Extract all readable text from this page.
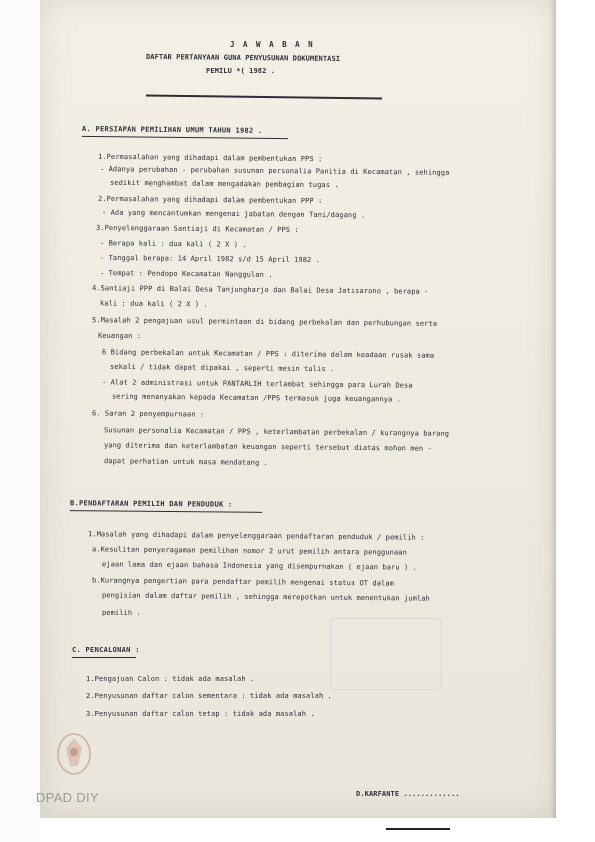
J A W A B A N
DAFTAR PERTANYAAN GUNA PENYUSUNAN DOKUMENTASI
PEMILU *( 1982 .
A. PERSIAPAN PEMILIHAN UMUM TAHUN 1982 .
1.Permasalahan yang dihadapi dalam pembentukan PPS :
- Adanya perubahan - perubahan susunan personalia Panitia di Kecamatan , sehingga
sedikit menghambat dalam mengadakan pembagian tugas .
2.Permasalahan yang dihadapi dalam pembentukan PPP :
- Ada yang mencantumkan mengenai jabatan dengan Tani/dagang .
3.Penyelenggaraan Santiaji di Kecamatan / PPS :
- Berapa kali : dua kali ( 2 X ) .
- Tanggal berapa: 14 April 1982 s/d 15 April 1982 .
- Tempat : Pendopo Kecamatan Nanggulan .
4.Santiaji PPP di Balai Desa Tanjungharjo dan Balai Desa Jatisarono , berapa -
kali : dua kali ( 2 X ) .
5.Masalah 2 pengajuan usul permintaan di bidang perbekalan dan perhubungan serta
Keuangan :
6 Bidang perbekalan untuk Kecamatan / PPS : diterima dalam keadaan rusak sama
sekali / tidak dapat dipakai , seperti mesin tulis .
- Alat 2 administrasi untuk PANTARLIH terlambat sehingga para Lurah Desa
sering menanyakan kepada Kecamatan /PPS termasuk juga keuangannya .
6. Saran 2 penyempurnaan :
Susunan personalia Kecamatan / PPS , keterlambatan perbekalan / kurangnya barang
yang diterima dan keterlambatan keuangan seperti tersebut diatas mohon men -
dapat perhatian untuk masa mendatang .
B.PENDAFTARAN PEMILIH DAN PENDUDUK :
1.Masalah yang dihadapi dalam penyelenggaraan pendaftaran penduduk / pemilih :
a.Kesulitan penyeragaman pemilihan nomor 2 urut pemilih antara penggunaan
ejaan lama dan ejaan bahasa Indonesia yang disempurnakan ( ejaan baru ) .
b.Kurangnya pengertian para pendaftar pemilih mengenai status OT dalam
pengisian dalam daftar pemilih , sehingga merepotkan untuk menentukan jumlah
pemilih .
C. PENCALONAN :
1.Pengajuan Calon : tidak ada masalah .
2.Penyusunan daftar calon sementara : tidak ada masalah .
3.Penyusunan daftar calon tetap : tidak ada masalah .
D.KARFANTE .............
DPAD DIY
